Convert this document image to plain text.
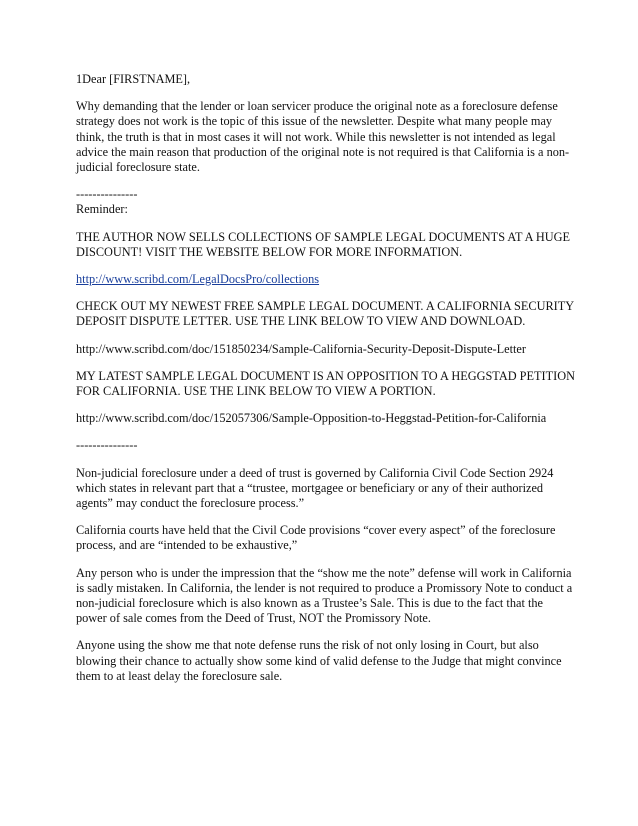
1Dear [FIRSTNAME],

Why demanding that the lender or loan servicer produce the original note as a foreclosure defense strategy does not work is the topic of this issue of the newsletter. Despite what many people may think, the truth is that in most cases it will not work. While this newsletter is not intended as legal advice the main reason that production of the original note is not required is that California is a non-judicial foreclosure state.

---------------

Reminder:

THE AUTHOR NOW SELLS COLLECTIONS OF SAMPLE LEGAL DOCUMENTS AT A HUGE DISCOUNT! VISIT THE WEBSITE BELOW FOR MORE INFORMATION.

http://www.scribd.com/LegalDocsPro/collections

CHECK OUT MY NEWEST FREE SAMPLE LEGAL DOCUMENT. A CALIFORNIA SECURITY DEPOSIT DISPUTE LETTER. USE THE LINK BELOW TO VIEW AND DOWNLOAD.

http://www.scribd.com/doc/151850234/Sample-California-Security-Deposit-Dispute-Letter

MY LATEST SAMPLE LEGAL DOCUMENT IS AN OPPOSITION TO A HEGGSTAD PETITION FOR CALIFORNIA. USE THE LINK BELOW TO VIEW A PORTION.

http://www.scribd.com/doc/152057306/Sample-Opposition-to-Heggstad-Petition-for-California

---------------

Non-judicial foreclosure under a deed of trust is governed by California Civil Code Section 2924 which states in relevant part that a “trustee, mortgagee or beneficiary or any of their authorized agents” may conduct the foreclosure process.”

California courts have held that the Civil Code provisions “cover every aspect” of the foreclosure process, and are “intended to be exhaustive,”

Any person who is under the impression that the “show me the note” defense will work in California is sadly mistaken. In California, the lender is not required to produce a Promissory Note to conduct a non-judicial foreclosure which is also known as a Trustee’s Sale. This is due to the fact that the power of sale comes from the Deed of Trust, NOT the Promissory Note.

Anyone using the show me that note defense runs the risk of not only losing in Court, but also blowing their chance to actually show some kind of valid defense to the Judge that might convince them to at least delay the foreclosure sale.
